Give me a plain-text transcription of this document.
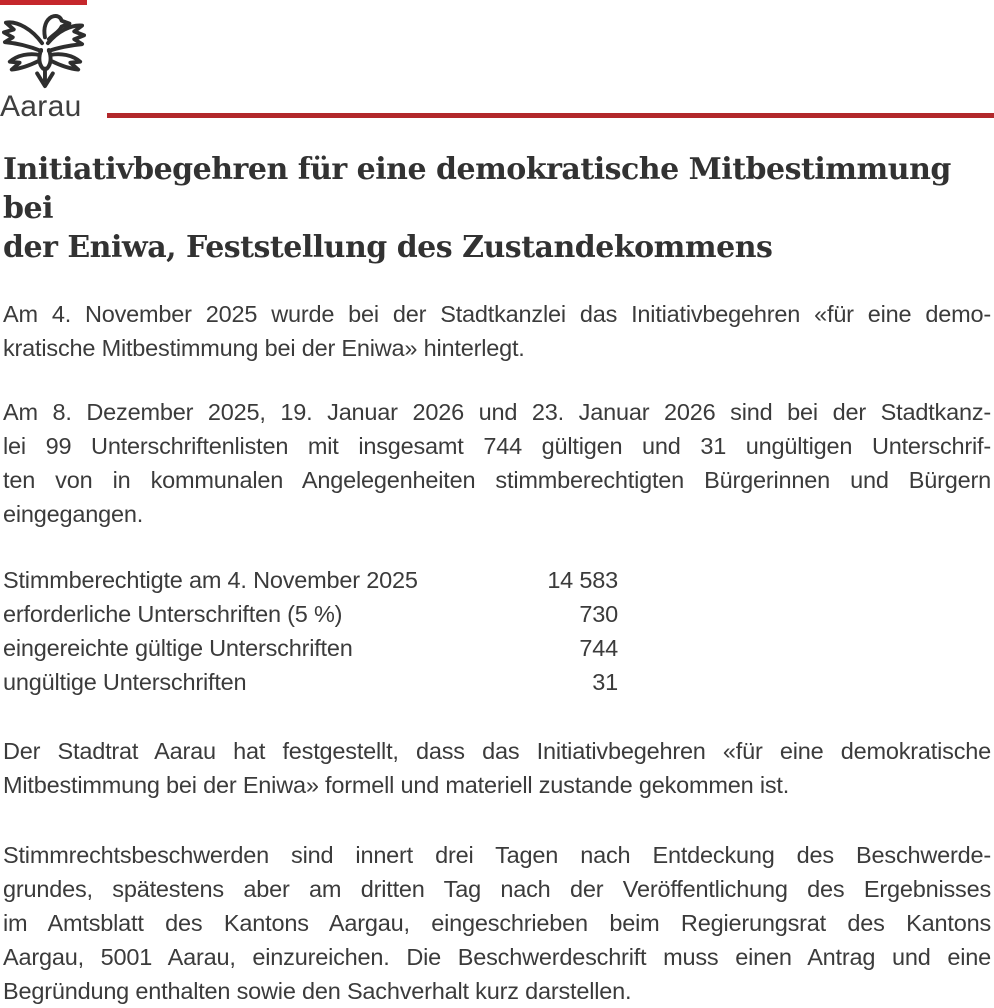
Aarau
Initiativbegehren für eine demokratische Mitbestimmung bei
der Eniwa, Feststellung des Zustandekommens
Am 4. November 2025 wurde bei der Stadtkanzlei das Initiativbegehren «für eine demo-
kratische Mitbestimmung bei der Eniwa» hinterlegt.
Am 8. Dezember 2025, 19. Januar 2026 und 23. Januar 2026 sind bei der Stadtkanz-
lei 99 Unterschriftenlisten mit insgesamt 744 gültigen und 31 ungültigen Unterschrif-
ten von in kommunalen Angelegenheiten stimmberechtigten Bürgerinnen und Bürgern
eingegangen.
Stimmberechtigte am 4. November 2025	14 583
erforderliche Unterschriften (5 %)	730
eingereichte gültige Unterschriften	744
ungültige Unterschriften	31
Der Stadtrat Aarau hat festgestellt, dass das Initiativbegehren «für eine demokratische
Mitbestimmung bei der Eniwa» formell und materiell zustande gekommen ist.
Stimmrechtsbeschwerden sind innert drei Tagen nach Entdeckung des Beschwerde-
grundes, spätestens aber am dritten Tag nach der Veröffentlichung des Ergebnisses
im Amtsblatt des Kantons Aargau, eingeschrieben beim Regierungsrat des Kantons
Aargau, 5001 Aarau, einzureichen. Die Beschwerdeschrift muss einen Antrag und eine
Begründung enthalten sowie den Sachverhalt kurz darstellen.
